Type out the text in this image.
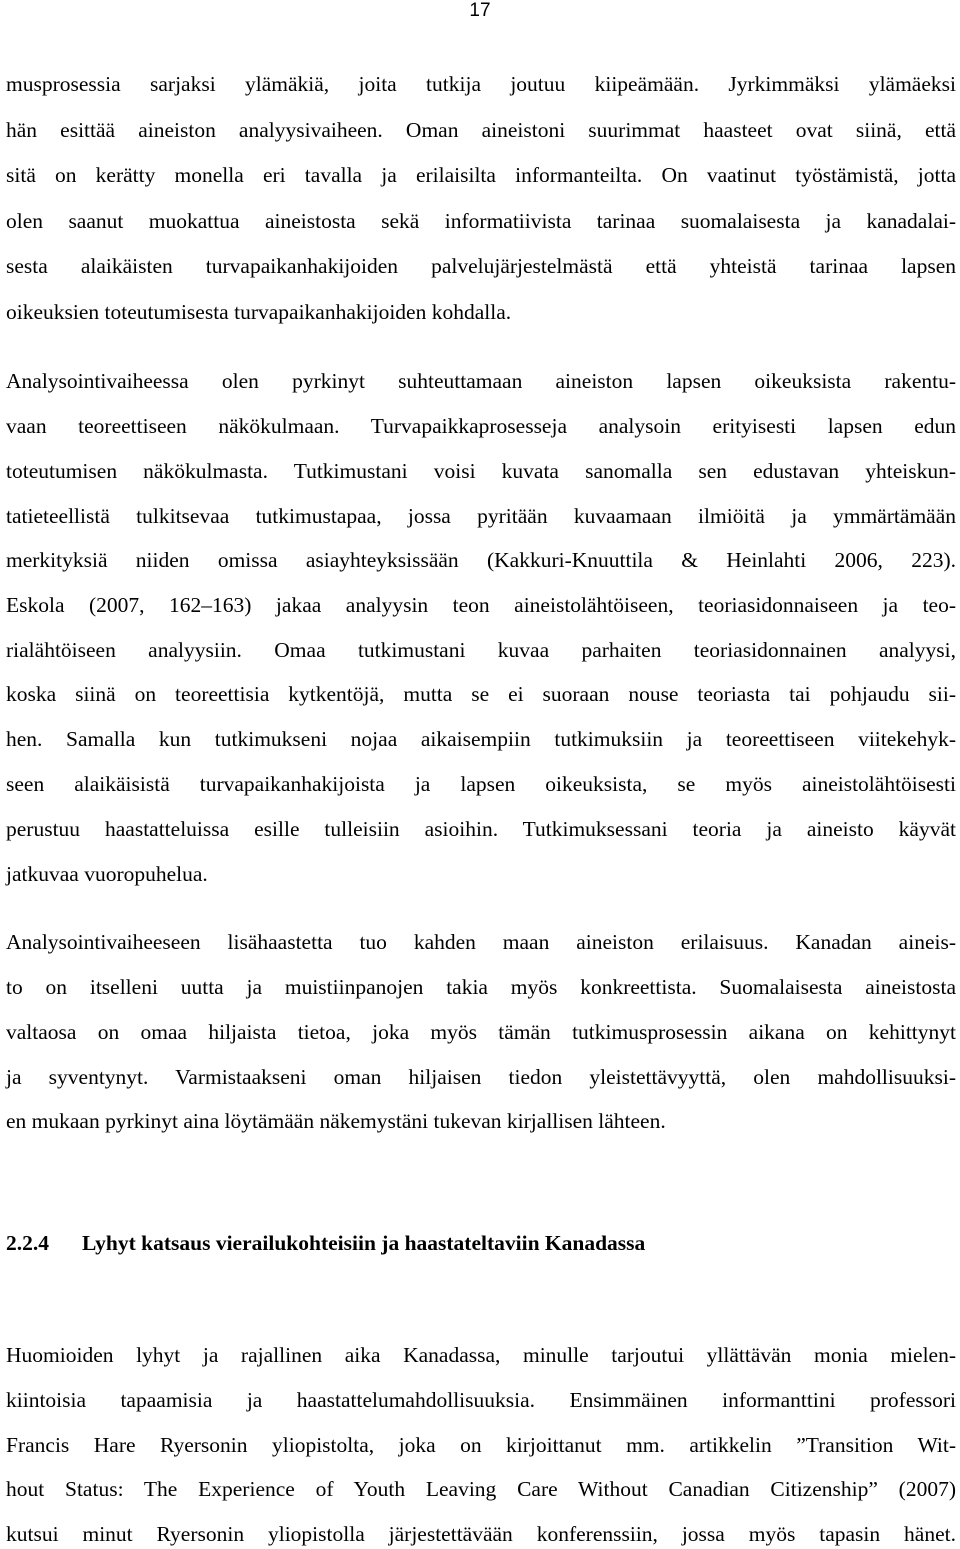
17
musprosessia sarjaksi ylämäkiä, joita tutkija joutuu kiipeämään. Jyrkimmäksi ylämäeksi
hän esittää aineiston analyysivaiheen. Oman aineistoni suurimmat haasteet ovat siinä, että
sitä on kerätty monella eri tavalla ja erilaisilta informanteilta. On vaatinut työstämistä, jotta
olen saanut muokattua aineistosta sekä informatiivista tarinaa suomalaisesta ja kanadalai-
sesta alaikäisten turvapaikanhakijoiden palvelujärjestelmästä että yhteistä tarinaa lapsen
oikeuksien toteutumisesta turvapaikanhakijoiden kohdalla.
Analysointivaiheessa olen pyrkinyt suhteuttamaan aineiston lapsen oikeuksista rakentu-
vaan teoreettiseen näkökulmaan. Turvapaikkaprosesseja analysoin erityisesti lapsen edun
toteutumisen näkökulmasta. Tutkimustani voisi kuvata sanomalla sen edustavan yhteiskun-
tatieteellistä tulkitsevaa tutkimustapaa, jossa pyritään kuvaamaan ilmiöitä ja ymmärtämään
merkityksiä niiden omissa asiayhteyksissään (Kakkuri-Knuuttila & Heinlahti 2006, 223).
Eskola (2007, 162–163) jakaa analyysin teon aineistolähtöiseen, teoriasidonnaiseen ja teo-
rialähtöiseen analyysiin. Omaa tutkimustani kuvaa parhaiten teoriasidonnainen analyysi,
koska siinä on teoreettisia kytkentöjä, mutta se ei suoraan nouse teoriasta tai pohjaudu sii-
hen. Samalla kun tutkimukseni nojaa aikaisempiin tutkimuksiin ja teoreettiseen viitekehyk-
seen alaikäisistä turvapaikanhakijoista ja lapsen oikeuksista, se myös aineistolähtöisesti
perustuu haastatteluissa esille tulleisiin asioihin. Tutkimuksessani teoria ja aineisto käyvät
jatkuvaa vuoropuhelua.
Analysointivaiheeseen lisähaastetta tuo kahden maan aineiston erilaisuus. Kanadan aineis-
to on itselleni uutta ja muistiinpanojen takia myös konkreettista. Suomalaisesta aineistosta
valtaosa on omaa hiljaista tietoa, joka myös tämän tutkimusprosessin aikana on kehittynyt
ja syventynyt. Varmistaakseni oman hiljaisen tiedon yleistettävyyttä, olen mahdollisuuksi-
en mukaan pyrkinyt aina löytämään näkemystäni tukevan kirjallisen lähteen.
2.2.4 Lyhyt katsaus vierailukohteisiin ja haastateltaviin Kanadassa
Huomioiden lyhyt ja rajallinen aika Kanadassa, minulle tarjoutui yllättävän monia mielen-
kiintoisia tapaamisia ja haastattelumahdollisuuksia. Ensimmäinen informanttini professori
Francis Hare Ryersonin yliopistolta, joka on kirjoittanut mm. artikkelin ”Transition Wit-
hout Status: The Experience of Youth Leaving Care Without Canadian Citizenship” (2007)
kutsui minut Ryersonin yliopistolla järjestettävään konferenssiin, jossa myös tapasin hänet.
